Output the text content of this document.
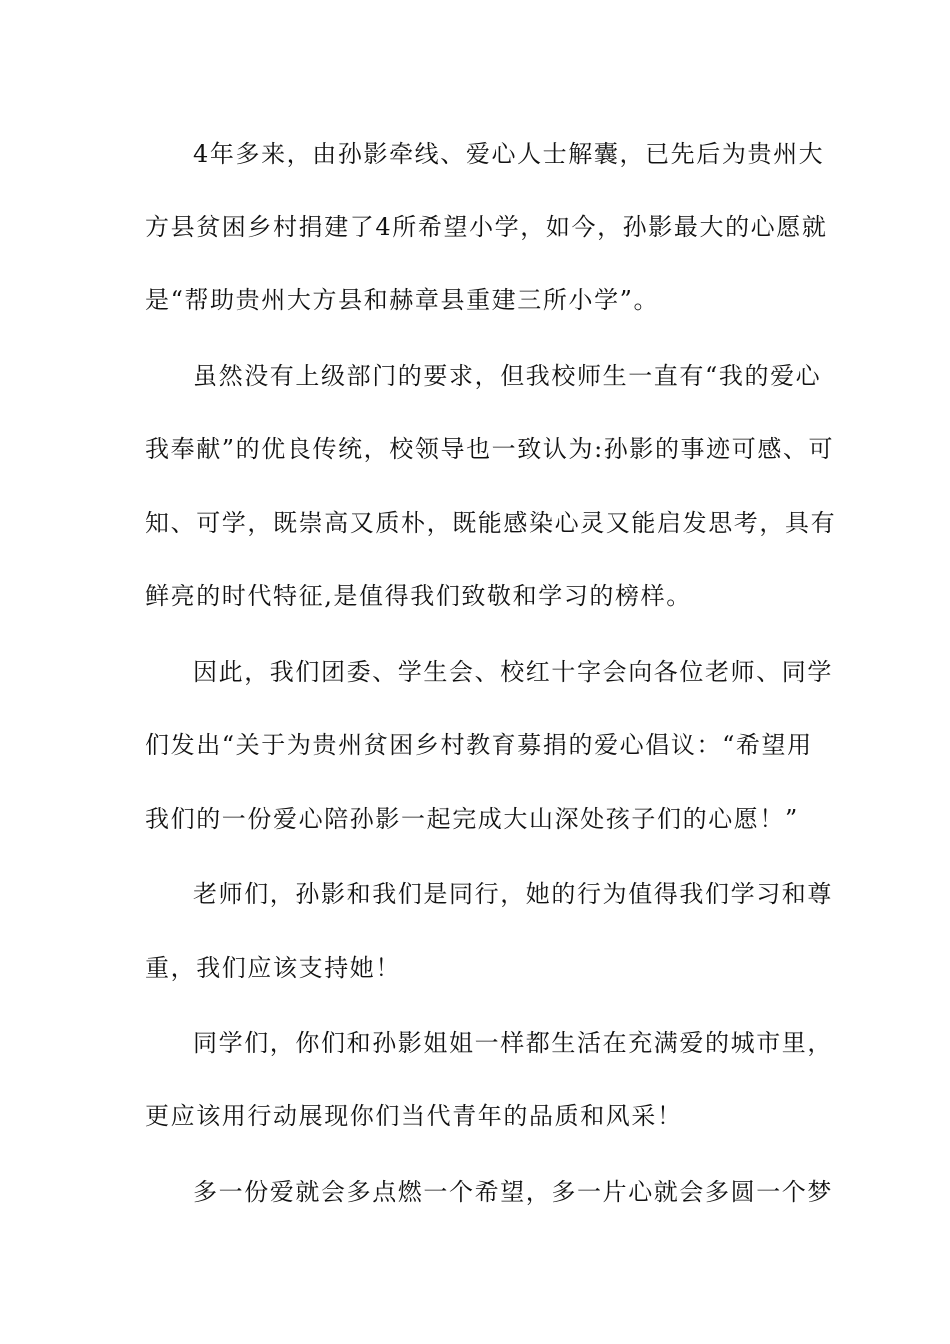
4年多来，由孙影牵线、爱心人士解囊，已先后为贵州大
方县贫困乡村捐建了4所希望小学，如今，孙影最大的心愿就
是“帮助贵州大方县和赫章县重建三所小学”。
虽然没有上级部门的要求，但我校师生一直有“我的爱心
我奉献”的优良传统，校领导也一致认为:孙影的事迹可感、可
知、可学，既崇高又质朴，既能感染心灵又能启发思考，具有
鲜亮的时代特征,是值得我们致敬和学习的榜样。
因此，我们团委、学生会、校红十字会向各位老师、同学
们发出“关于为贵州贫困乡村教育募捐的爱心倡议：“希望用
我们的一份爱心陪孙影一起完成大山深处孩子们的心愿！”
老师们，孙影和我们是同行，她的行为值得我们学习和尊
重，我们应该支持她！
同学们，你们和孙影姐姐一样都生活在充满爱的城市里，
更应该用行动展现你们当代青年的品质和风采！
多一份爱就会多点燃一个希望，多一片心就会多圆一个梦
